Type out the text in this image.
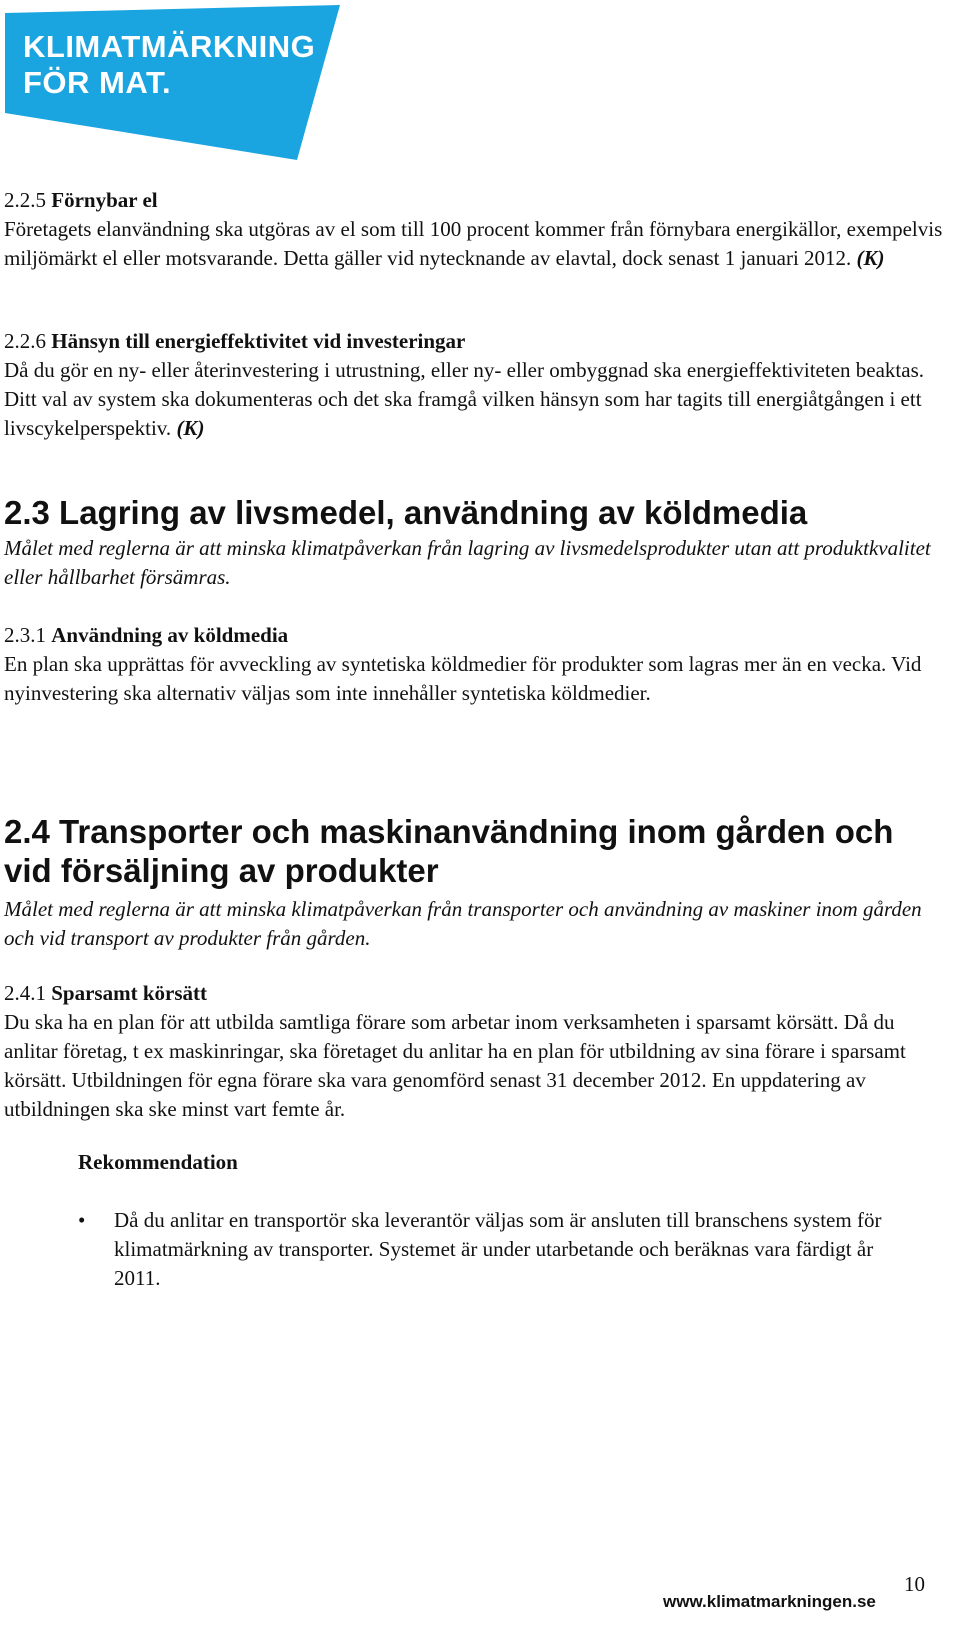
KLIMATMÄRKNING
FÖR MAT.

2.2.5 Förnybar el

Företagets elanvändning ska utgöras av el som till 100 procent kommer från förnybara energikällor, exempelvis miljömärkt el eller motsvarande. Detta gäller vid nytecknande av elavtal, dock senast 1 januari 2012. (K)

2.2.6 Hänsyn till energieffektivitet vid investeringar

Då du gör en ny- eller återinvestering i utrustning, eller ny- eller ombyggnad ska energieffektiviteten beaktas. Ditt val av system ska dokumenteras och det ska framgå vilken hänsyn som har tagits till energiåtgången i ett livscykelperspektiv. (K)

2.3 Lagring av livsmedel, användning av köldmedia

Målet med reglerna är att minska klimatpåverkan från lagring av livsmedelsprodukter utan att produktkvalitet eller hållbarhet försämras.

2.3.1 Användning av köldmedia

En plan ska upprättas för avveckling av syntetiska köldmedier för produkter som lagras mer än en vecka. Vid nyinvestering ska alternativ väljas som inte innehåller syntetiska köldmedier.

2.4 Transporter och maskinanvändning inom gården och vid försäljning av produkter

Målet med reglerna är att minska klimatpåverkan från transporter och användning av maskiner inom gården och vid transport av produkter från gården.

2.4.1 Sparsamt körsätt

Du ska ha en plan för att utbilda samtliga förare som arbetar inom verksamheten i sparsamt körsätt. Då du anlitar företag, t ex maskinringar, ska företaget du anlitar ha en plan för utbildning av sina förare i sparsamt körsätt. Utbildningen för egna förare ska vara genomförd senast 31 december 2012. En uppdatering av utbildningen ska ske minst vart femte år.

Rekommendation
•	Då du anlitar en transportör ska leverantör väljas som är ansluten till branschens system för klimatmärkning av transporter. Systemet är under utarbetande och beräknas vara färdigt år 2011.
10
www.klimatmarkningen.se
